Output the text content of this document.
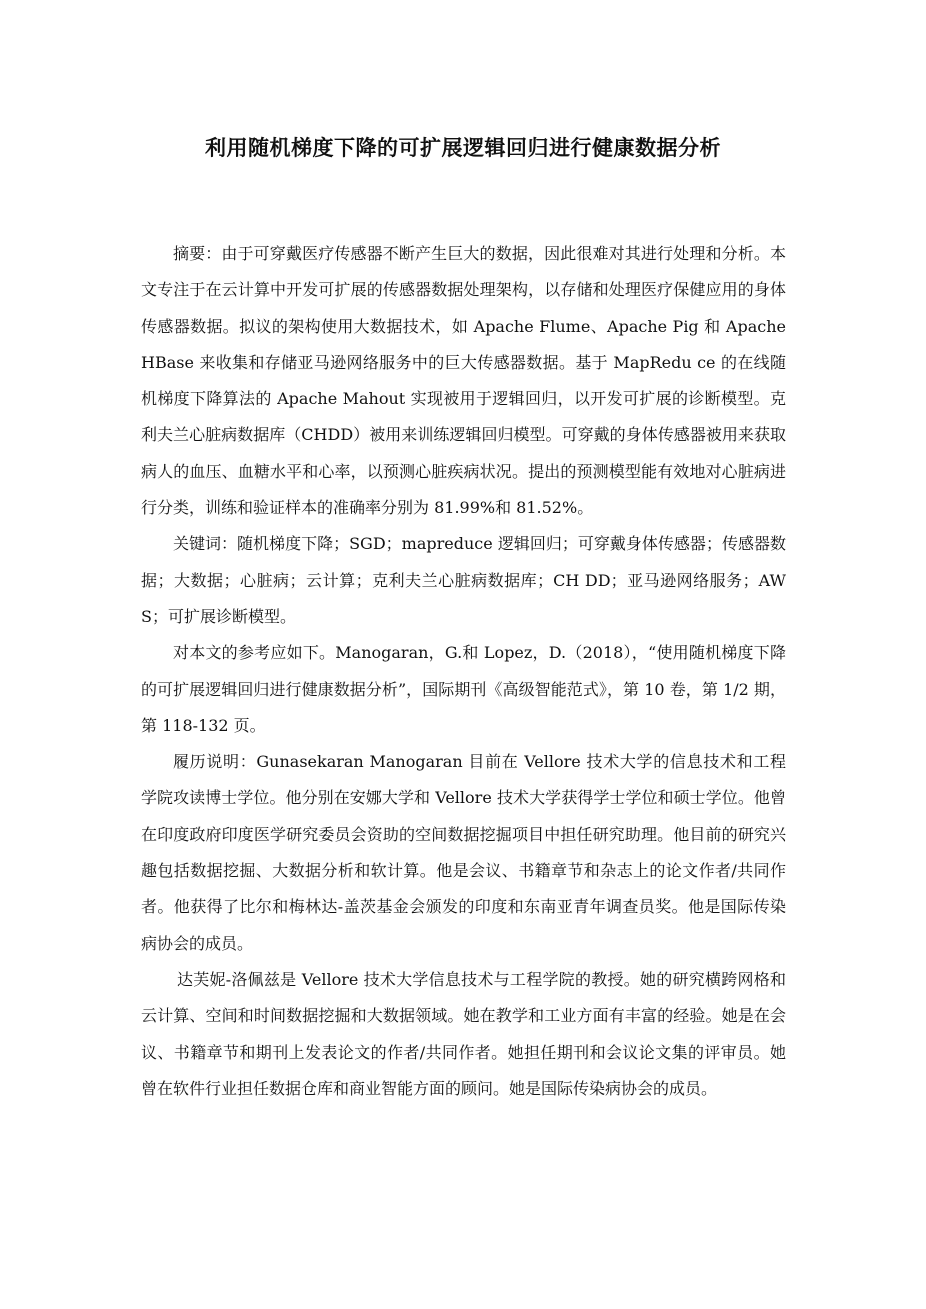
利用随机梯度下降的可扩展逻辑回归进行健康数据分析

摘要：由于可穿戴医疗传感器不断产生巨大的数据，因此很难对其进行处理和分析。本文专注于在云计算中开发可扩展的传感器数据处理架构，以存储和处理医疗保健应用的身体传感器数据。拟议的架构使用大数据技术，如 Apache Flume、Apache Pig 和 Apache HBase 来收集和存储亚马逊网络服务中的巨大传感器数据。基于 MapRedu ce 的在线随机梯度下降算法的 Apache Mahout 实现被用于逻辑回归，以开发可扩展的诊断模型。克利夫兰心脏病数据库（CHDD）被用来训练逻辑回归模型。可穿戴的身体传感器被用来获取病人的血压、血糖水平和心率，以预测心脏疾病状况。提出的预测模型能有效地对心脏病进行分类，训练和验证样本的准确率分别为 81.99%和 81.52%。

关键词：随机梯度下降；SGD；mapreduce 逻辑回归；可穿戴身体传感器；传感器数据；大数据；心脏病；云计算；克利夫兰心脏病数据库；CH DD；亚马逊网络服务；AWS；可扩展诊断模型。

对本文的参考应如下。Manogaran，G.和 Lopez，D.（2018），“使用随机梯度下降的可扩展逻辑回归进行健康数据分析”，国际期刊《高级智能范式》，第 10 卷，第 1/2 期，第 118-132 页。

履历说明：Gunasekaran Manogaran 目前在 Vellore 技术大学的信息技术和工程学院攻读博士学位。他分别在安娜大学和 Vellore 技术大学获得学士学位和硕士学位。他曾在印度政府印度医学研究委员会资助的空间数据挖掘项目中担任研究助理。他目前的研究兴趣包括数据挖掘、大数据分析和软计算。他是会议、书籍章节和杂志上的论文作者/共同作者。他获得了比尔和梅林达-盖茨基金会颁发的印度和东南亚青年调查员奖。他是国际传染病协会的成员。

达芙妮-洛佩兹是 Vellore 技术大学信息技术与工程学院的教授。她的研究横跨网格和云计算、空间和时间数据挖掘和大数据领域。她在教学和工业方面有丰富的经验。她是在会议、书籍章节和期刊上发表论文的作者/共同作者。她担任期刊和会议论文集的评审员。她曾在软件行业担任数据仓库和商业智能方面的顾问。她是国际传染病协会的成员。
